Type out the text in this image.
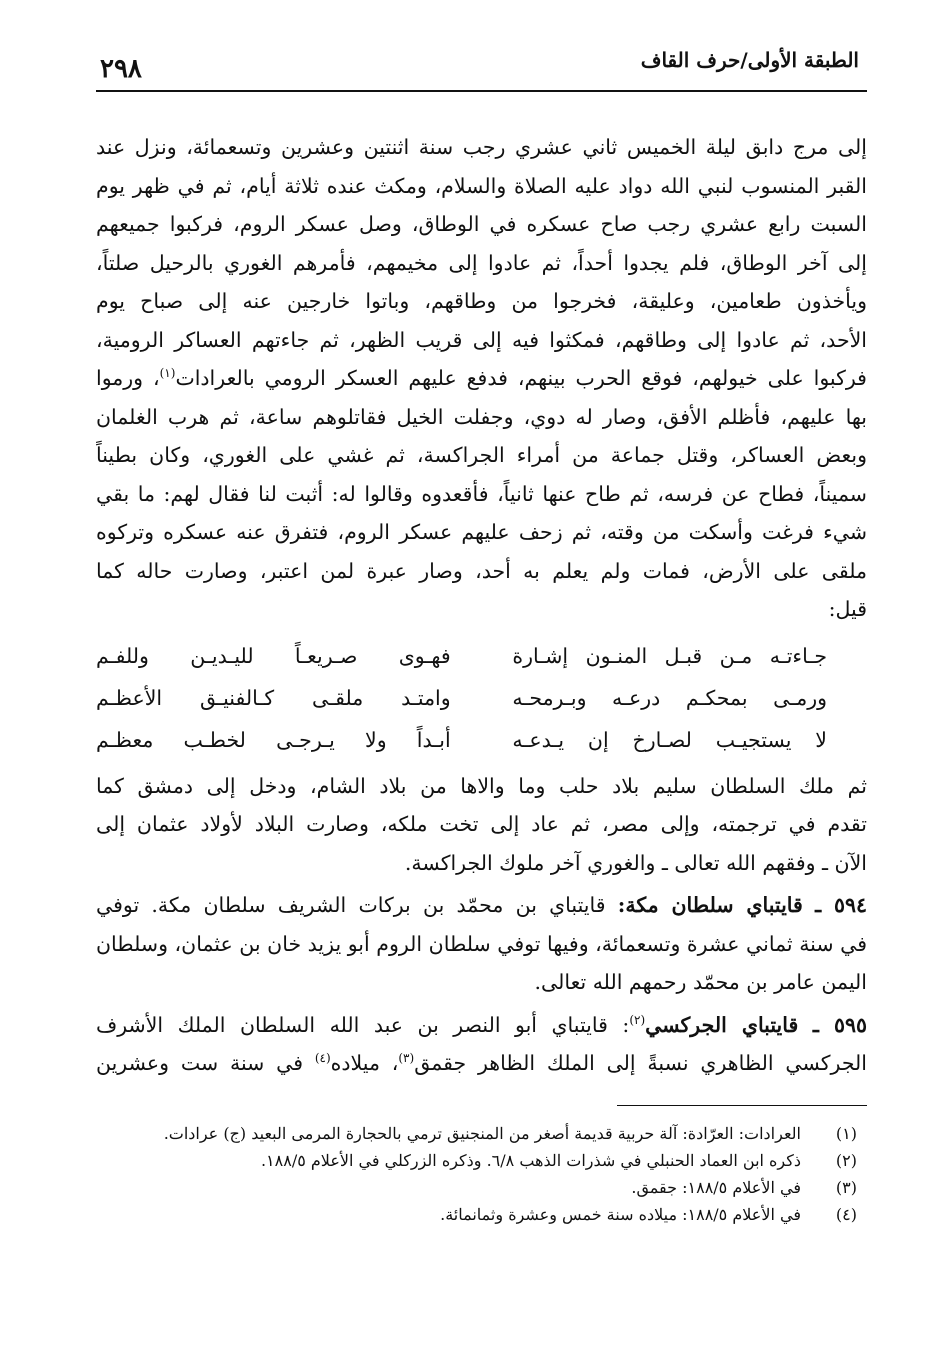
الطبقة الأولى/حرف القاف
٢٩٨

إلى مرج دابق ليلة الخميس ثاني عشري رجب سنة اثنتين وعشرين وتسعمائة، ونزل عند
القبر المنسوب لنبي الله دواد عليه الصلاة والسلام، ومكث عنده ثلاثة أيام، ثم في ظهر يوم
السبت رابع عشري رجب صاح عسكره في الوطاق، وصل عسكر الروم، فركبوا جميعهم
إلى آخر الوطاق، فلم يجدوا أحداً، ثم عادوا إلى مخيمهم، فأمرهم الغوري بالرحيل صلتاً،
ويأخذون طعامين، وعليقة، فخرجوا من وطاقهم، وباتوا خارجين عنه إلى صباح يوم
الأحد، ثم عادوا إلى وطاقهم، فمكثوا فيه إلى قريب الظهر، ثم جاءتهم العساكر الرومية،
فركبوا على خيولهم، فوقع الحرب بينهم، فدفع عليهم العسكر الرومي بالعرادات$^{(١)}$، ورموا
بها عليهم، فأظلم الأفق، وصار له دوي، وجفلت الخيل فقاتلوهم ساعة، ثم هرب الغلمان
وبعض العساكر، وقتل جماعة من أمراء الجراكسة، ثم غشي على الغوري، وكان بطيناً
سميناً، فطاح عن فرسه، ثم طاح عنها ثانياً، فأقعدوه وقالوا له: أثبت لنا فقال لهم: ما بقي
شيء فرغت وأسكت من وقته، ثم زحف عليهم عسكر الروم، فتفرق عنه عسكره وتركوه
ملقى على الأرض، فمات ولم يعلم به أحد، وصار عبرة لمن اعتبر، وصارت حاله كما
قيل:

جـاءتـه مـن قبـل المنـون إشـارة
فهـوى صـريعـاً لليـديـن وللفـم
ورمـى بمحكـم درعـه وبـرمحـه
وامتـد ملقـى كـالفنيـق الأعظـم
لا يستجيـب لصـارخ إن يـدعـه
أبـداً ولا يـرجـى لخطـب معظـم

ثم ملك السلطان سليم بلاد حلب وما والاها من بلاد الشام، ودخل إلى دمشق كما
تقدم في ترجمته، وإلى مصر، ثم عاد إلى تخت ملكه، وصارت البلاد لأولاد عثمان إلى
الآن ـ وفقهم الله تعالى ـ والغوري آخر ملوك الجراكسة.

٥٩٤ ـ قايتباي سلطان مكة: قايتباي بن محمّد بن بركات الشريف سلطان مكة. توفي
في سنة ثماني عشرة وتسعمائة، وفيها توفي سلطان الروم أبو يزيد خان بن عثمان، وسلطان
اليمن عامر بن محمّد رحمهم الله تعالى.

٥٩٥ ـ قايتباي الجركسي$^{(٢)}$: قايتباي أبو النصر بن عبد الله السلطان الملك الأشرف
الجركسي الظاهري نسبةً إلى الملك الظاهر جقمق$^{(٣)}$، ميلاده$^{(٤)}$ في سنة ست وعشرين

(١)
العرادات: العرّادة: آلة حربية قديمة أصغر من المنجنيق ترمي بالحجارة المرمى البعيد (ج) عرادات.
(٢)
ذكره ابن العماد الحنبلي في شذرات الذهب ٦/٨. وذكره الزركلي في الأعلام ١٨٨/٥.
(٣)
في الأعلام ١٨٨/٥: جقمق.
(٤)
في الأعلام ١٨٨/٥: ميلاده سنة خمس وعشرة وثمانمائة.
